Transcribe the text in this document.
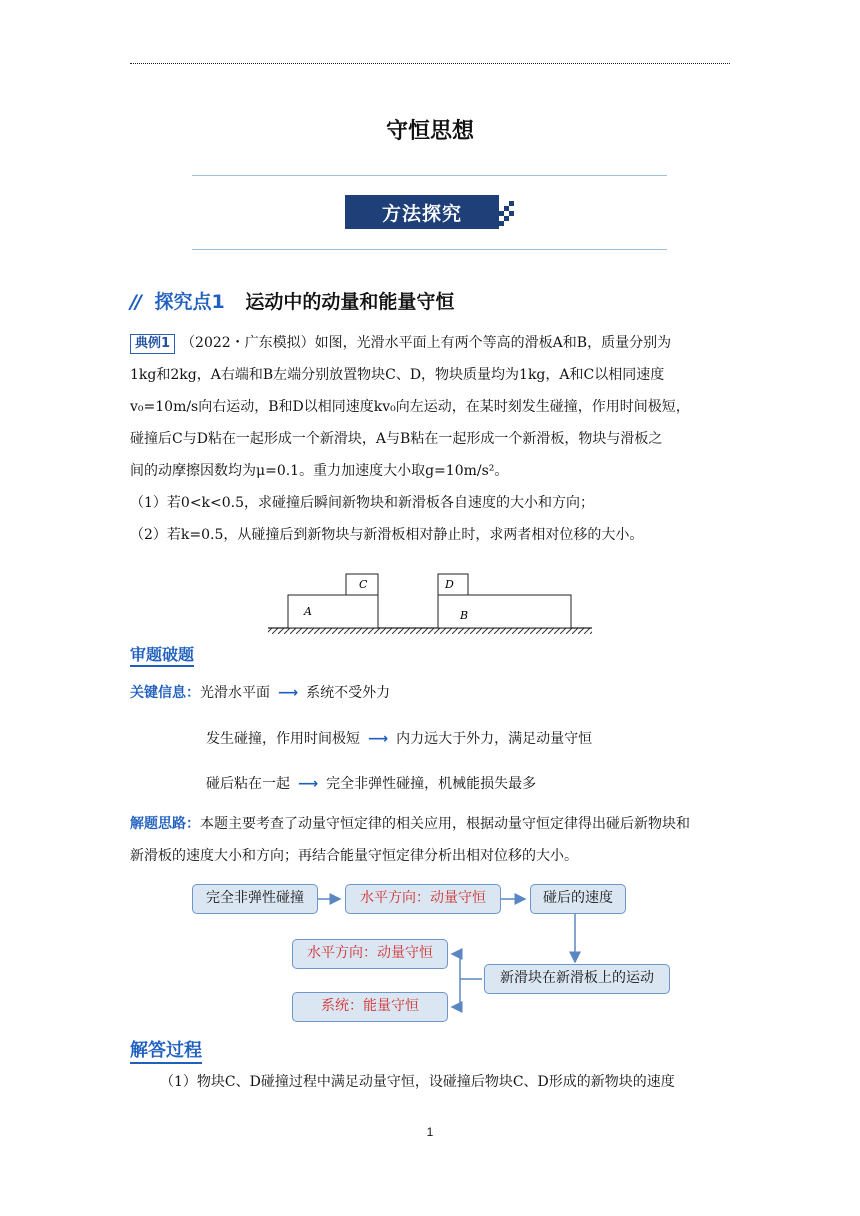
守恒思想
方法探究
// 探究点1 运动中的动量和能量守恒
典例1 （2022・广东模拟）如图，光滑水平面上有两个等高的滑板A和B，质量分别为
1kg和2kg，A右端和B左端分别放置物块C、D，物块质量均为1kg，A和C以相同速度
v₀=10m/s向右运动，B和D以相同速度kv₀向左运动，在某时刻发生碰撞，作用时间极短，
碰撞后C与D粘在一起形成一个新滑块，A与B粘在一起形成一个新滑板，物块与滑板之
间的动摩擦因数均为μ=0.1。重力加速度大小取g=10m/s²。
（1）若0<k<0.5，求碰撞后瞬间新物块和新滑板各自速度的大小和方向；
（2）若k=0.5，从碰撞后到新物块与新滑板相对静止时，求两者相对位移的大小。
A
C
B
D
审题破题
关键信息：光滑水平面 ⟶ 系统不受外力
发生碰撞，作用时间极短 ⟶ 内力远大于外力，满足动量守恒
碰后粘在一起 ⟶ 完全非弹性碰撞，机械能损失最多
解题思路：本题主要考查了动量守恒定律的相关应用，根据动量守恒定律得出碰后新物块和
新滑板的速度大小和方向；再结合能量守恒定律分析出相对位移的大小。
完全非弹性碰撞	水平方向：动量守恒	碰后的速度
新滑块在新滑板上的运动
水平方向：动量守恒
系统：能量守恒
解答过程
（1）物块C、D碰撞过程中满足动量守恒，设碰撞后物块C、D形成的新物块的速度
1
